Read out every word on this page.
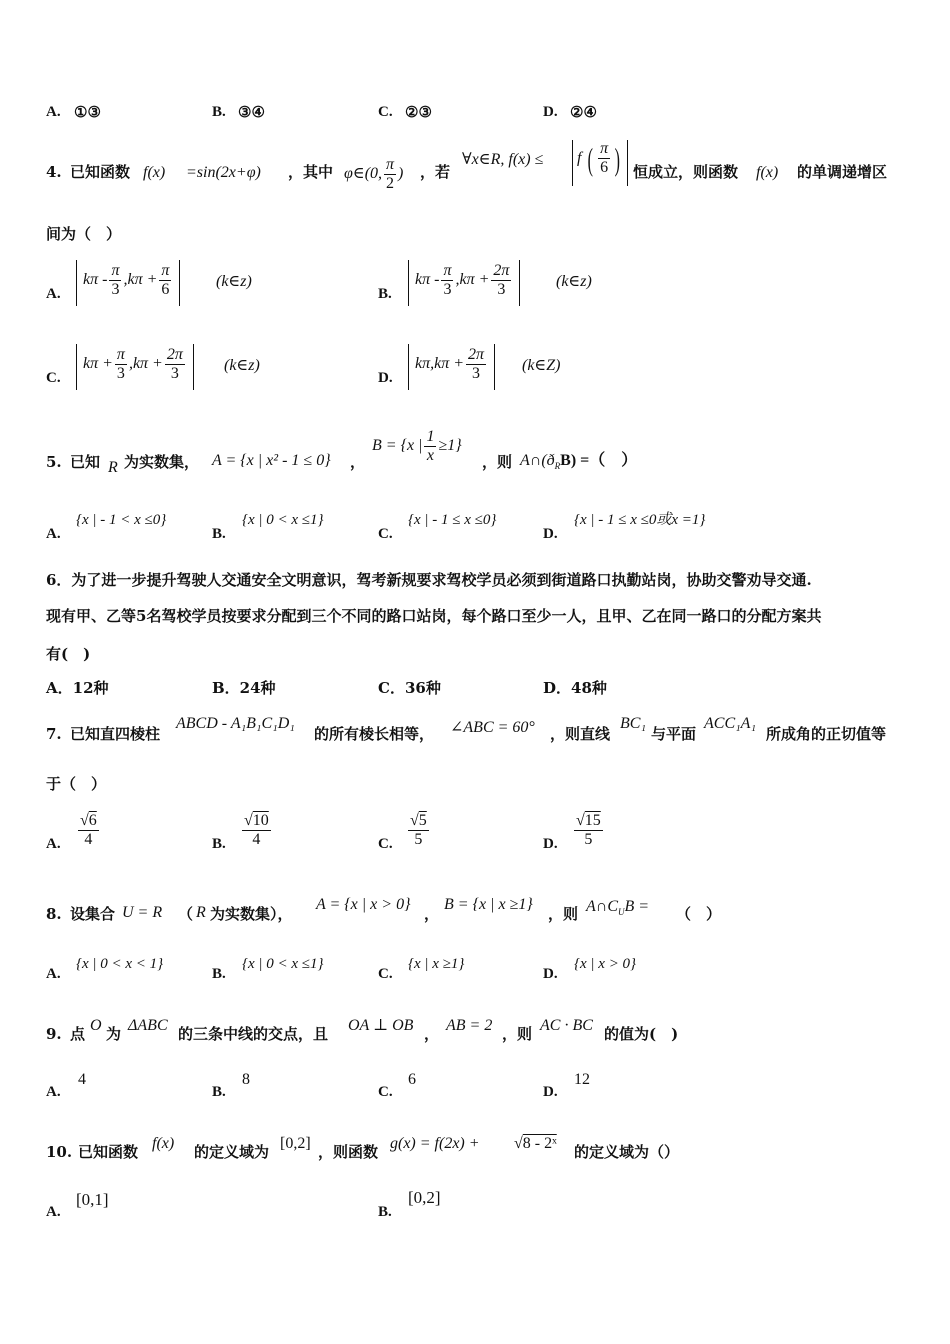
A. ①③	B. ③④	C. ②③	D. ②④
4. 已知函数 f(x) =sin(2x+φ) ，其中 φ∈(0, $\frac{\pi}{2}$ ) ，若
∀x∈R, f(x) ≤	f ( $\frac{\pi}{6}$ ) 恒成立，则函数 f(x) 的单调递增区
间为（　）
A.
$k\pi - \frac{\pi}{3} ,k\pi + \frac{\pi}{6}$	(k∈z)
B.
$k\pi - \frac{\pi}{3} ,k\pi + \frac{2\pi}{3}$	(k∈z)
C.
$k\pi + \frac{\pi}{3} ,k\pi + \frac{2\pi}{3}$ (k∈z)
D.
$k\pi,k\pi + \frac{2\pi}{3}$ (k∈Z)
5. 已知 R 为实数集， A = {x | x² - 1 ≤ 0} ，
B = {x | $\frac{1}{x} \ge 1$}
，则 $A\cap(ð_RB)$ =（　）
A.
{x | - 1 < x ≤0}
B.
{x | 0 < x ≤1}
C.
{x | - 1 ≤ x ≤0}
D.
{x | - 1 ≤ x ≤0或x =1}
6．为了进一步提升驾驶人交通安全文明意识，驾考新规要求驾校学员必须到街道路口执勤站岗，协助交警劝导交通.
现有甲、乙等5名驾校学员按要求分配到三个不同的路口站岗，每个路口至少一人，且甲、乙在同一路口的分配方案共
有(　)
A．12种	B．24种	C．36种	D．48种
7. 已知直四棱柱
ABCD - A₁B₁C₁D₁
的所有棱长相等， ∠ABC = 60° ，则直线
BC₁
与平面
ACC₁A₁
所成角的正切值等
于（　）
A. $\frac{√6}{4}$	B. $\frac{√10}{4}$	C. $\frac{√5}{5}$	D. $\frac{√15}{5}$
8. 设集合 U = R （ R 为实数集），
A = {x | x > 0}
，
B = {x | x ≥1}
，则 $A\cap C_UB$ = （　）
A.
{x | 0 < x < 1}
B.
{x | 0 < x ≤1}
C.
{x | x ≥1}
D.
{x | x > 0}
9. 点 O 为 ΔABC 的三条中线的交点，且 OA ⊥ OB ， AB = 2 ，则 AC · BC 的值为(　)
A.
4
B.
8
C.
6
D.
12
10. 已知函数 f(x) 的定义域为 [0,2] ，则函数 g(x) = f(2x) + √8 - 2ˣ 的定义域为（）
A.
[0,1]
B.
[0,2]
